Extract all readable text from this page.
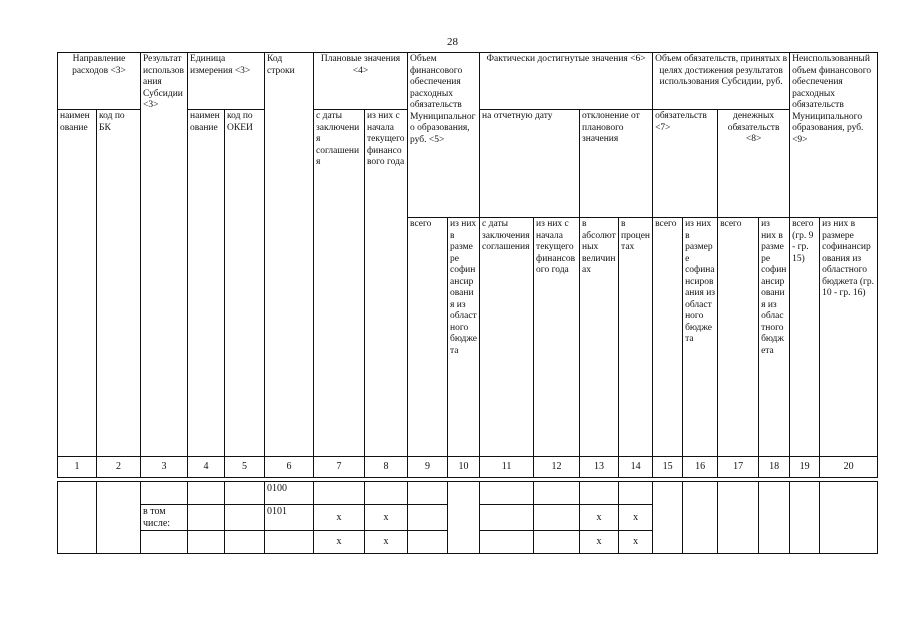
28
Направление расходов <3>		Результат использования Субсидии <3>	Единица измерения <3>		Код строки	Плановые значения <4>		Объем финансового обеспечения расходных обязательств Муниципального образования, руб. <5>		Фактически достигнутые значения <6>				Объем обязательств, принятых в целях достижения результатов использования Субсидии, руб.				Неиспользованный объем финансового обеспечения расходных обязательств Муниципального образования, руб. <9>	
наименование	код по БК		наименование	код по ОКЕИ		с даты заключения соглашения	из них с начала текущего финансового года			на отчетную дату		отклонение от планового значения		обязательств <7>		денежных обязательств <8>			
								всего	из них в размере софинансирования из областного бюджета	с даты заключения соглашения	из них с начала текущего финансового года	в абсолютных величинах	в процентах	всего	из них в размере софинансирования из областного бюджета	всего	из них в размере софинансирования из областного бюджета	всего (гр. 9 - гр. 15)	из них в размере софинансирования из областного бюджета (гр. 10 - гр. 16)
1	2	3	4	5	6	7	8	9	10	11	12	13	14	15	16	17	18	19	20

					0100														
		в том числе:			0101	x	x					x	x						
						x	x					x	x						
